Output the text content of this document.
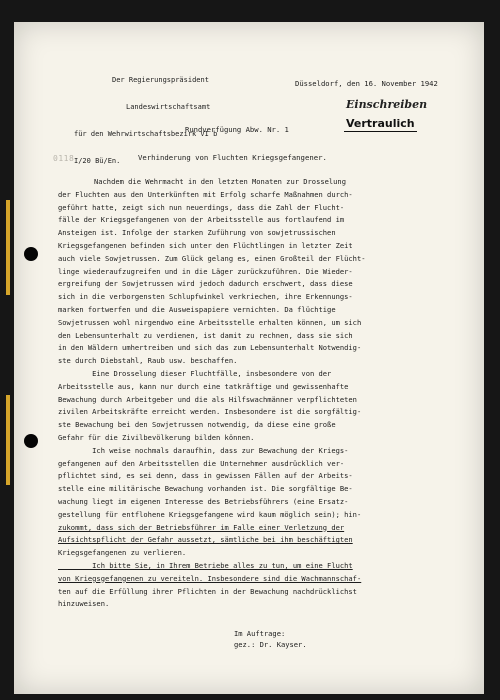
Der Regierungspräsident

Landeswirtschaftsamt

für den Wehrwirtschaftsbezirk VI b

I/20 Bü/En.

Düsseldorf, den 16. November 1942
Einschreiben
Vertraulich
0118
Rundverfügung Abw. Nr. 1
Verhinderung von Fluchten Kriegsgefangener.
Nachdem die Wehrmacht in den letzten Monaten zur Drosselung
der Fluchten aus den Unterkünften mit Erfolg scharfe Maßnahmen durch-
geführt hatte, zeigt sich nun neuerdings, dass die Zahl der Flucht-
fälle der Kriegsgefangenen von der Arbeitsstelle aus fortlaufend im
Ansteigen ist. Infolge der starken Zuführung von sowjetrussischen
Kriegsgefangenen befinden sich unter den Flüchtlingen in letzter Zeit
auch viele Sowjetrussen. Zum Glück gelang es, einen Großteil der Flücht-
linge wiederaufzugreifen und in die Läger zurückzuführen. Die Wieder-
ergreifung der Sowjetrussen wird jedoch dadurch erschwert, dass diese
sich in die verborgensten Schlupfwinkel verkriechen, ihre Erkennungs-
marken fortwerfen und die Ausweispapiere vernichten. Da flüchtige
Sowjetrussen wohl nirgendwo eine Arbeitsstelle erhalten können, um sich
den Lebensunterhalt zu verdienen, ist damit zu rechnen, dass sie sich
in den Wäldern umhertreiben und sich das zum Lebensunterhalt Notwendig-
ste durch Diebstahl, Raub usw. beschaffen.
Eine Drosselung dieser Fluchtfälle, insbesondere von der
Arbeitsstelle aus, kann nur durch eine tatkräftige und gewissenhafte
Bewachung durch Arbeitgeber und die als Hilfswachmänner verpflichteten
zivilen Arbeitskräfte erreicht werden. Insbesondere ist die sorgfältig-
ste Bewachung bei den Sowjetrussen notwendig, da diese eine große
Gefahr für die Zivilbevölkerung bilden können.
Ich weise nochmals daraufhin, dass zur Bewachung der Kriegs-
gefangenen auf den Arbeitsstellen die Unternehmer ausdrücklich ver-
pflichtet sind, es sei denn, dass in gewissen Fällen auf der Arbeits-
stelle eine militärische Bewachung vorhanden ist. Die sorgfältige Be-
wachung liegt im eigenen Interesse des Betriebsführers (eine Ersatz-
gestellung für entflohene Kriegsgefangene wird kaum möglich sein); hin-
zukommt, dass sich der Betriebsführer im Falle einer Verletzung der
Aufsichtspflicht der Gefahr aussetzt, sämtliche bei ihm beschäftigten
Kriegsgefangenen zu verlieren.
Ich bitte Sie, in Ihrem Betriebe alles zu tun, um eine Flucht
von Kriegsgefangenen zu vereiteln. Insbesondere sind die Wachmannschaf-
ten auf die Erfüllung ihrer Pflichten in der Bewachung nachdrücklichst
hinzuweisen.
Im Auftrage:
gez.: Dr. Kayser.
